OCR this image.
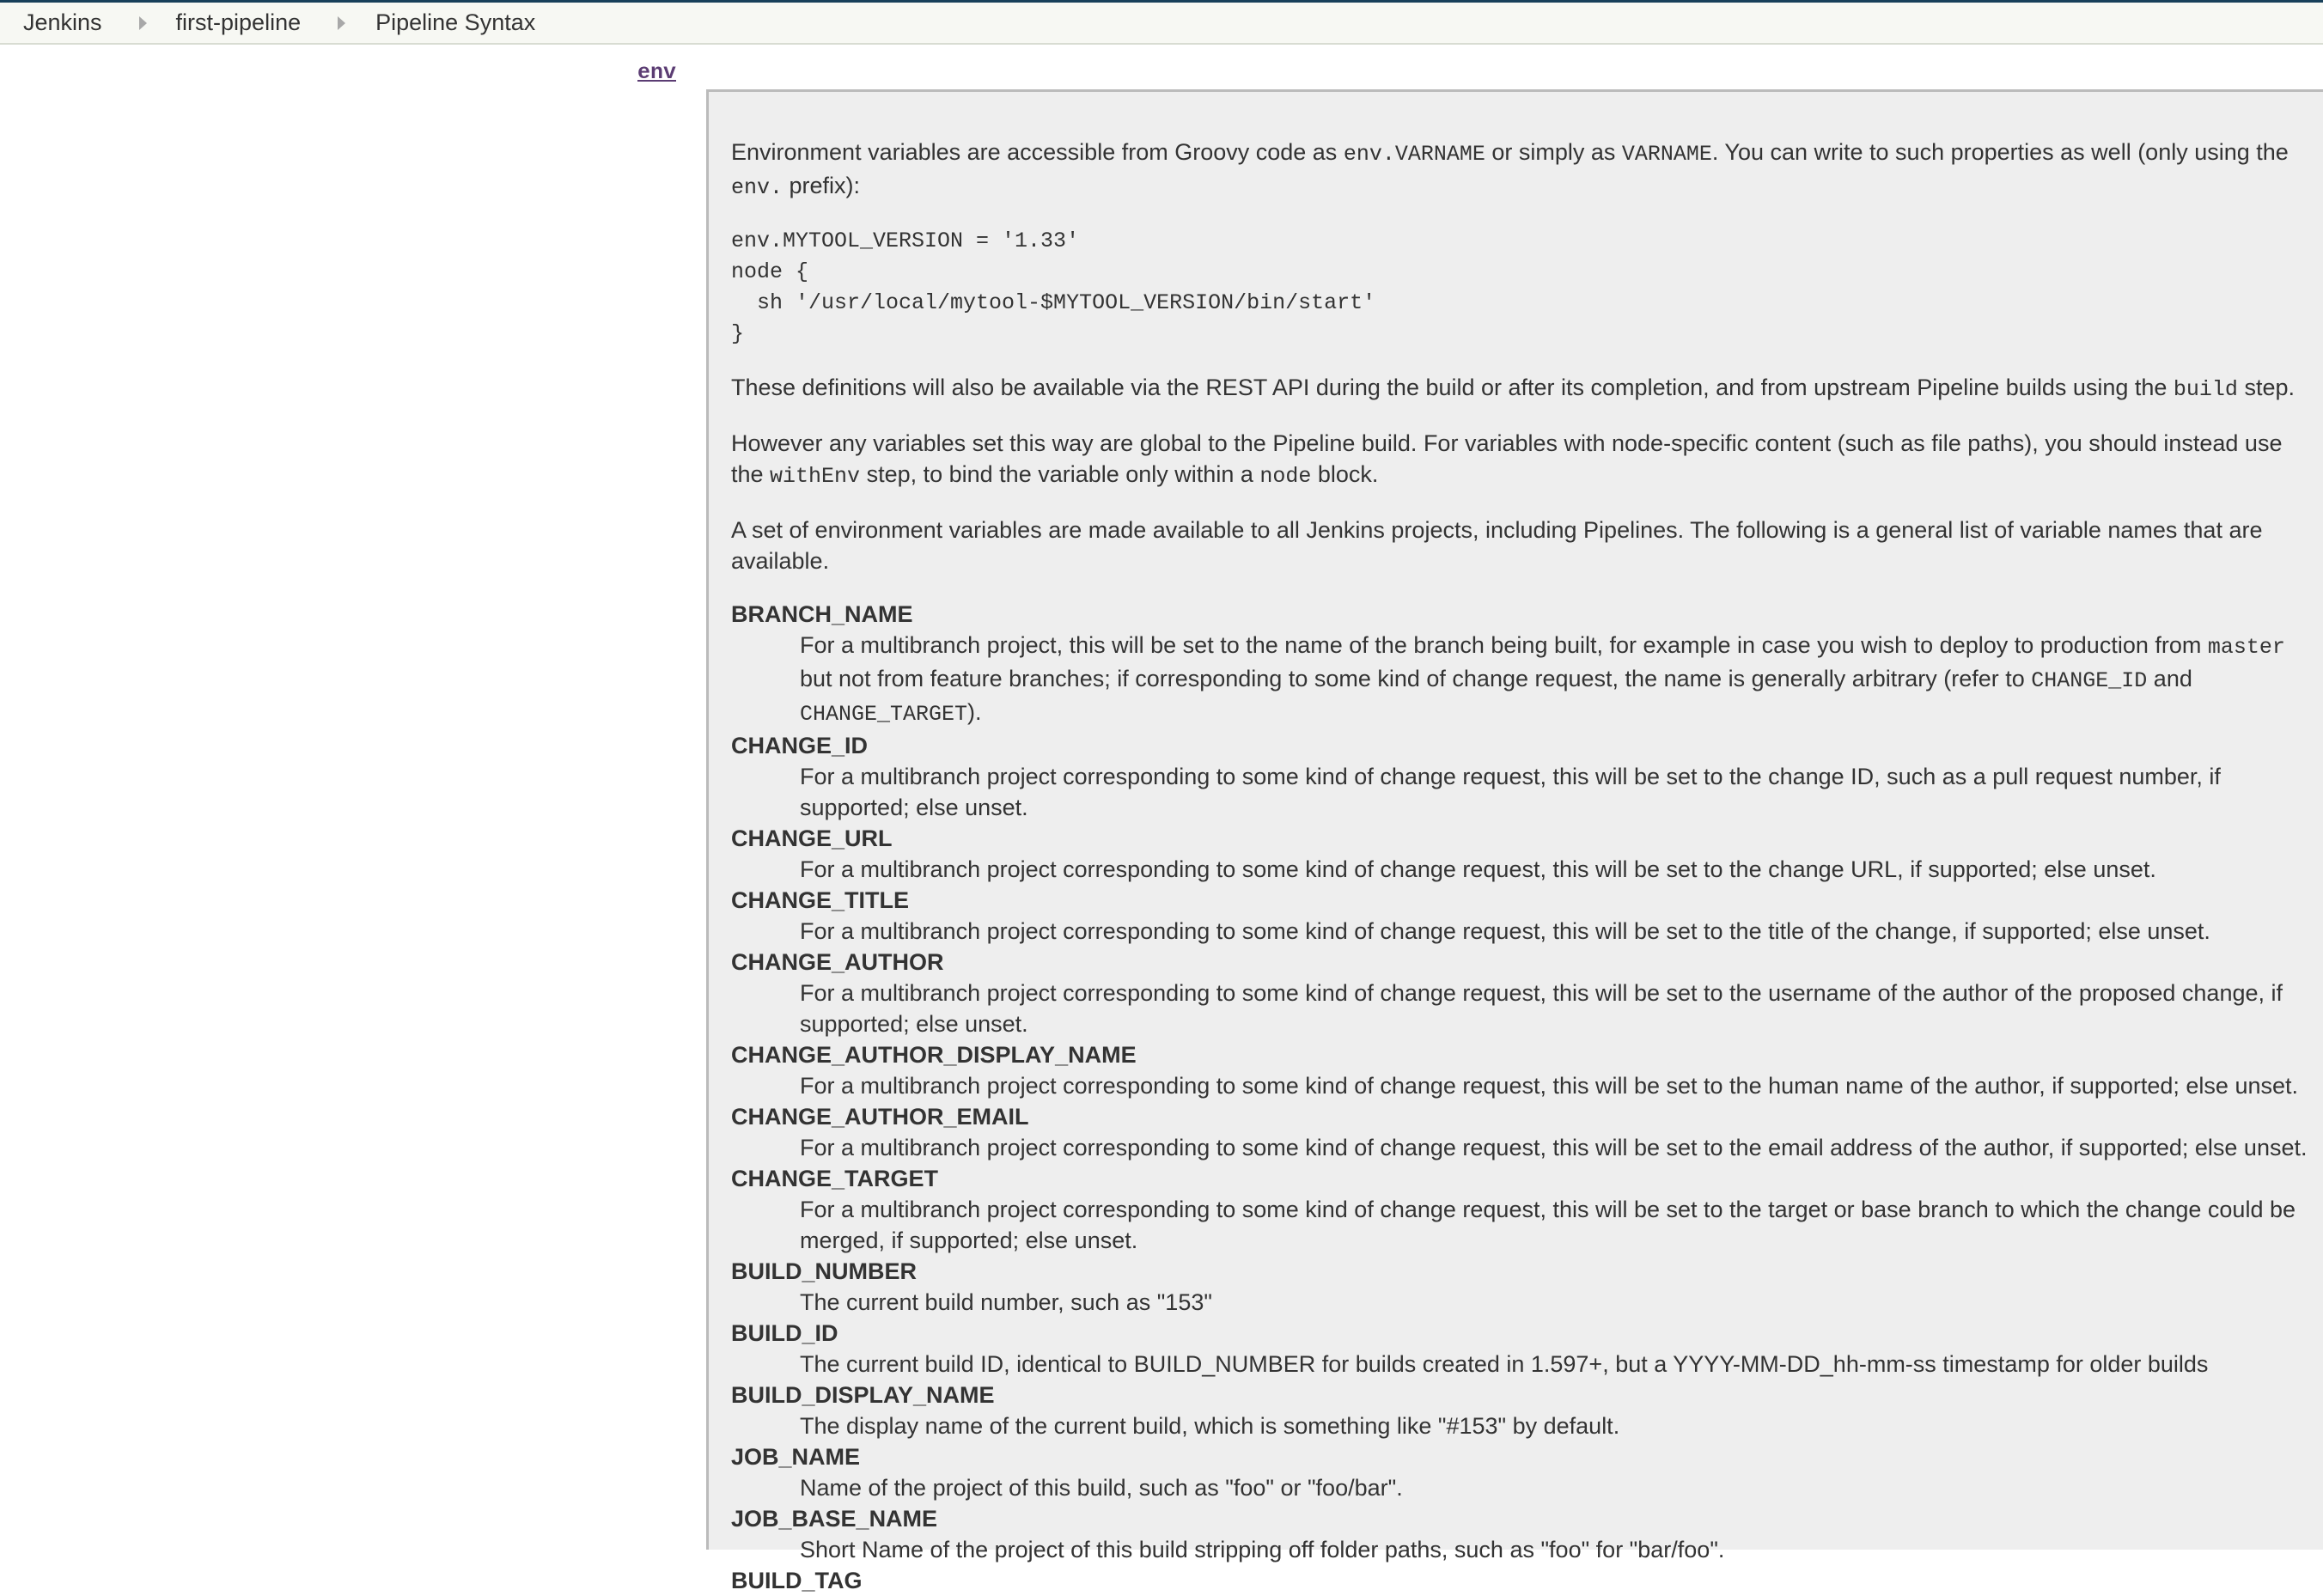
Jenkins	first-pipeline	Pipeline Syntax
env

Environment variables are accessible from Groovy code as env.VARNAME or simply as VARNAME. You can write to such properties as well (only using the env. prefix):

env.MYTOOL_VERSION = '1.33'
node {
sh '/usr/local/mytool-$MYTOOL_VERSION/bin/start'
}

These definitions will also be available via the REST API during the build or after its completion, and from upstream Pipeline builds using the build step.

However any variables set this way are global to the Pipeline build. For variables with node-specific content (such as file paths), you should instead use the withEnv step, to bind the variable only within a node block.

A set of environment variables are made available to all Jenkins projects, including Pipelines. The following is a general list of variable names that are available.

BRANCH_NAME
For a multibranch project, this will be set to the name of the branch being built, for example in case you wish to deploy to production from master but not from feature branches; if corresponding to some kind of change request, the name is generally arbitrary (refer to CHANGE_ID and CHANGE_TARGET).
CHANGE_ID
For a multibranch project corresponding to some kind of change request, this will be set to the change ID, such as a pull request number, if supported; else unset.
CHANGE_URL
For a multibranch project corresponding to some kind of change request, this will be set to the change URL, if supported; else unset.
CHANGE_TITLE
For a multibranch project corresponding to some kind of change request, this will be set to the title of the change, if supported; else unset.
CHANGE_AUTHOR
For a multibranch project corresponding to some kind of change request, this will be set to the username of the author of the proposed change, if supported; else unset.
CHANGE_AUTHOR_DISPLAY_NAME
For a multibranch project corresponding to some kind of change request, this will be set to the human name of the author, if supported; else unset.
CHANGE_AUTHOR_EMAIL
For a multibranch project corresponding to some kind of change request, this will be set to the email address of the author, if supported; else unset.
CHANGE_TARGET
For a multibranch project corresponding to some kind of change request, this will be set to the target or base branch to which the change could be merged, if supported; else unset.
BUILD_NUMBER
The current build number, such as "153"
BUILD_ID
The current build ID, identical to BUILD_NUMBER for builds created in 1.597+, but a YYYY-MM-DD_hh-mm-ss timestamp for older builds
BUILD_DISPLAY_NAME
The display name of the current build, which is something like "#153" by default.
JOB_NAME
Name of the project of this build, such as "foo" or "foo/bar".
JOB_BASE_NAME
Short Name of the project of this build stripping off folder paths, such as "foo" for "bar/foo".
BUILD_TAG
